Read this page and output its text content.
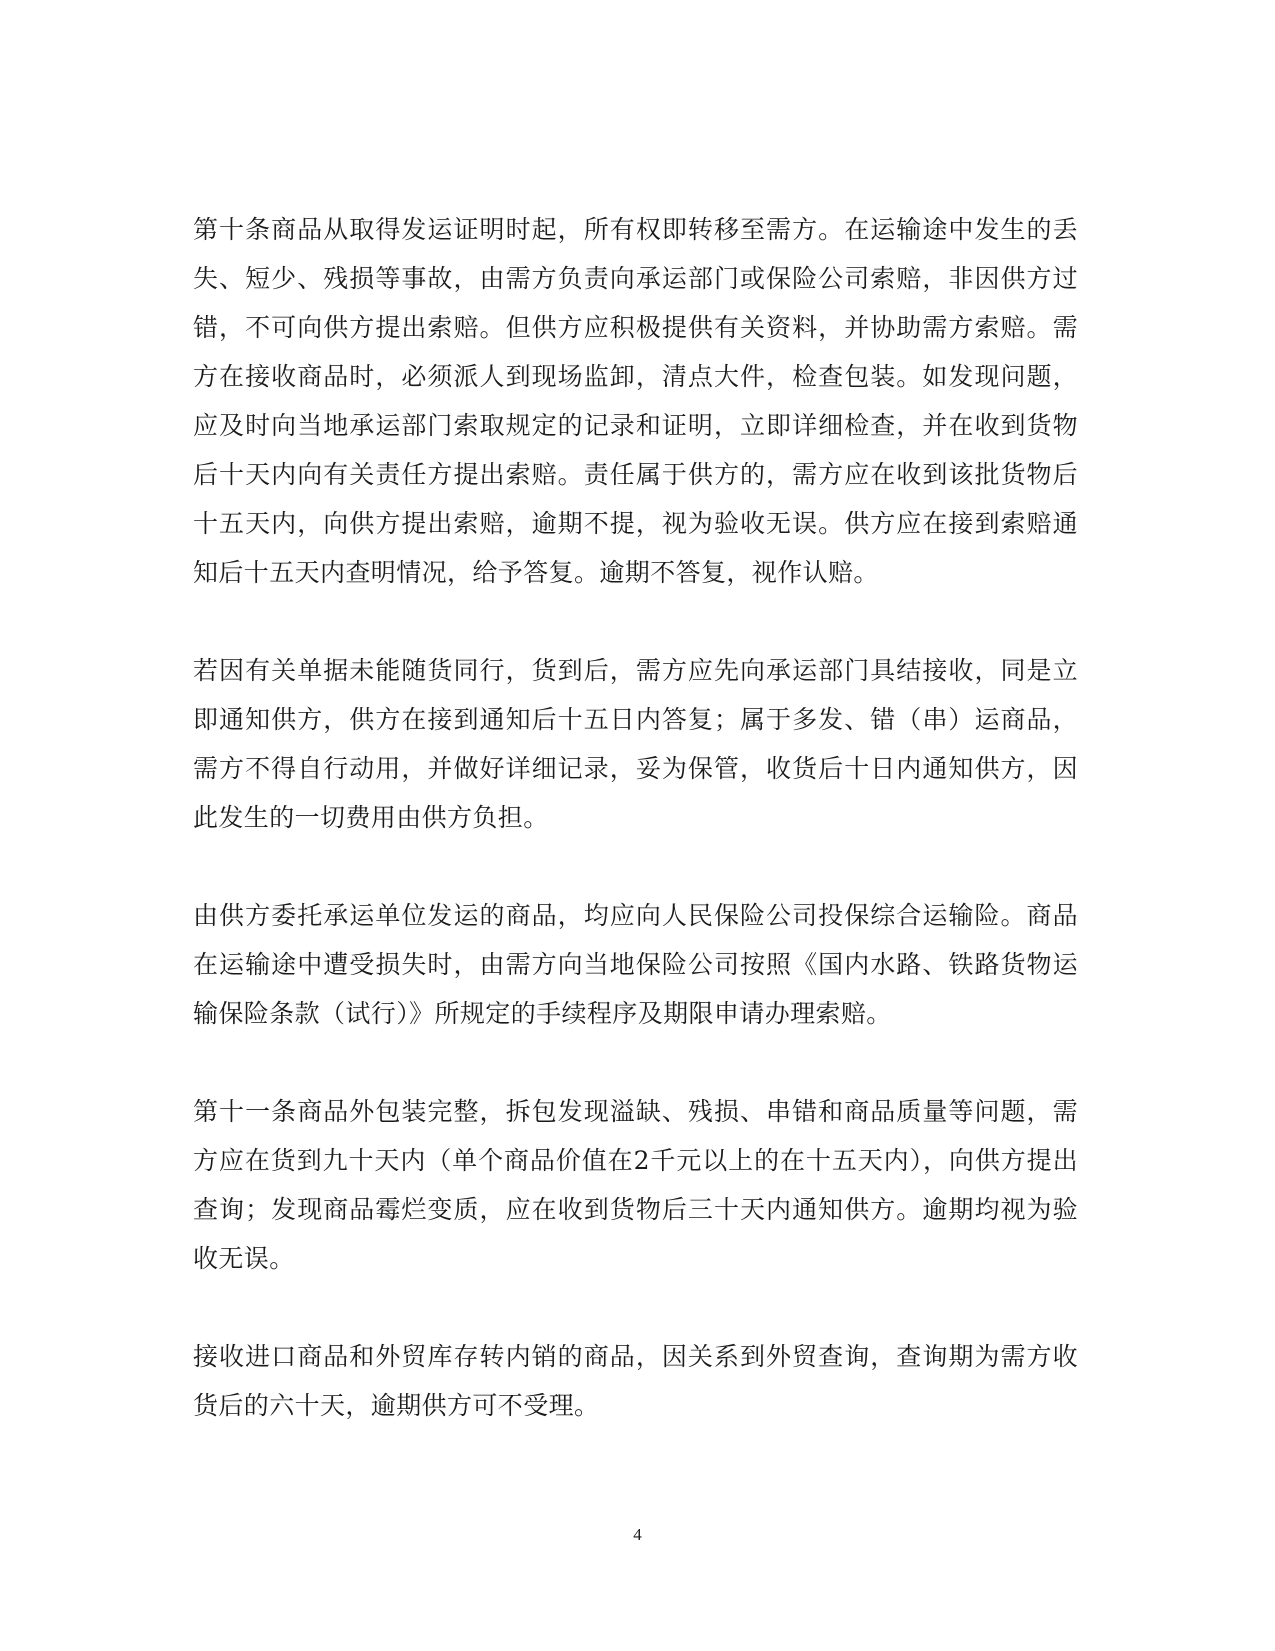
第十条商品从取得发运证明时起，所有权即转移至需方。在运输途中发生的丢失、短少、残损等事故，由需方负责向承运部门或保险公司索赔，非因供方过错，不可向供方提出索赔。但供方应积极提供有关资料，并协助需方索赔。需方在接收商品时，必须派人到现场监卸，清点大件，检查包装。如发现问题，应及时向当地承运部门索取规定的记录和证明，立即详细检查，并在收到货物后十天内向有关责任方提出索赔。责任属于供方的，需方应在收到该批货物后十五天内，向供方提出索赔，逾期不提，视为验收无误。供方应在接到索赔通知后十五天内查明情况，给予答复。逾期不答复，视作认赔。

若因有关单据未能随货同行，货到后，需方应先向承运部门具结接收，同是立即通知供方，供方在接到通知后十五日内答复；属于多发、错（串）运商品，需方不得自行动用，并做好详细记录，妥为保管，收货后十日内通知供方，因此发生的一切费用由供方负担。

由供方委托承运单位发运的商品，均应向人民保险公司投保综合运输险。商品在运输途中遭受损失时，由需方向当地保险公司按照《国内水路、铁路货物运输保险条款（试行）》所规定的手续程序及期限申请办理索赔。

第十一条商品外包装完整，拆包发现溢缺、残损、串错和商品质量等问题，需方应在货到九十天内（单个商品价值在2千元以上的在十五天内），向供方提出查询；发现商品霉烂变质，应在收到货物后三十天内通知供方。逾期均视为验收无误。

接收进口商品和外贸库存转内销的商品，因关系到外贸查询，查询期为需方收货后的六十天，逾期供方可不受理。

4
